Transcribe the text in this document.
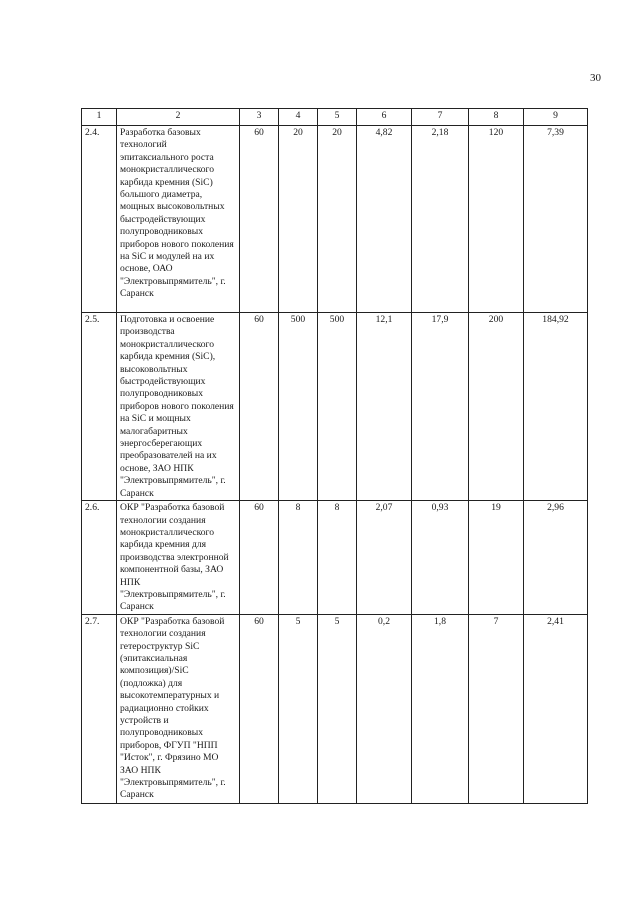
30
1	2	3	4	5	6	7	8	9
2.4.	Разработка базовых технологий эпитаксиального роста монокристаллического карбида кремния (SiC) большого диаметра, мощных высоковольтных быстродействующих полупроводниковых приборов нового поколения на SiC и модулей на их основе, ОАО "Электровыпрямитель", г. Саранск	60	20	20	4,82	2,18	120	7,39
2.5.	Подготовка и освоение производства монокристаллического карбида кремния (SiC), высоковольтных быстродействующих полупроводниковых приборов нового поколения на SiC и мощных малогабаритных энергосберегающих преобразователей на их основе, ЗАО НПК "Электровыпрямитель", г. Саранск	60	500	500	12,1	17,9	200	184,92
2.6.	ОКР "Разработка базовой технологии создания монокристаллического карбида кремния для производства электронной компонентной базы, ЗАО НПК "Электровыпрямитель", г. Саранск	60	8	8	2,07	0,93	19	2,96
2.7.	ОКР "Разработка базовой технологии создания гетероструктур SiC (эпитаксиальная композиция)/SiC (подложка) для высокотемпературных и радиационно стойких устройств и полупроводниковых приборов, ФГУП "НПП "Исток", г. Фрязино МО ЗАО НПК "Электровыпрямитель", г. Саранск	60	5	5	0,2	1,8	7	2,41
